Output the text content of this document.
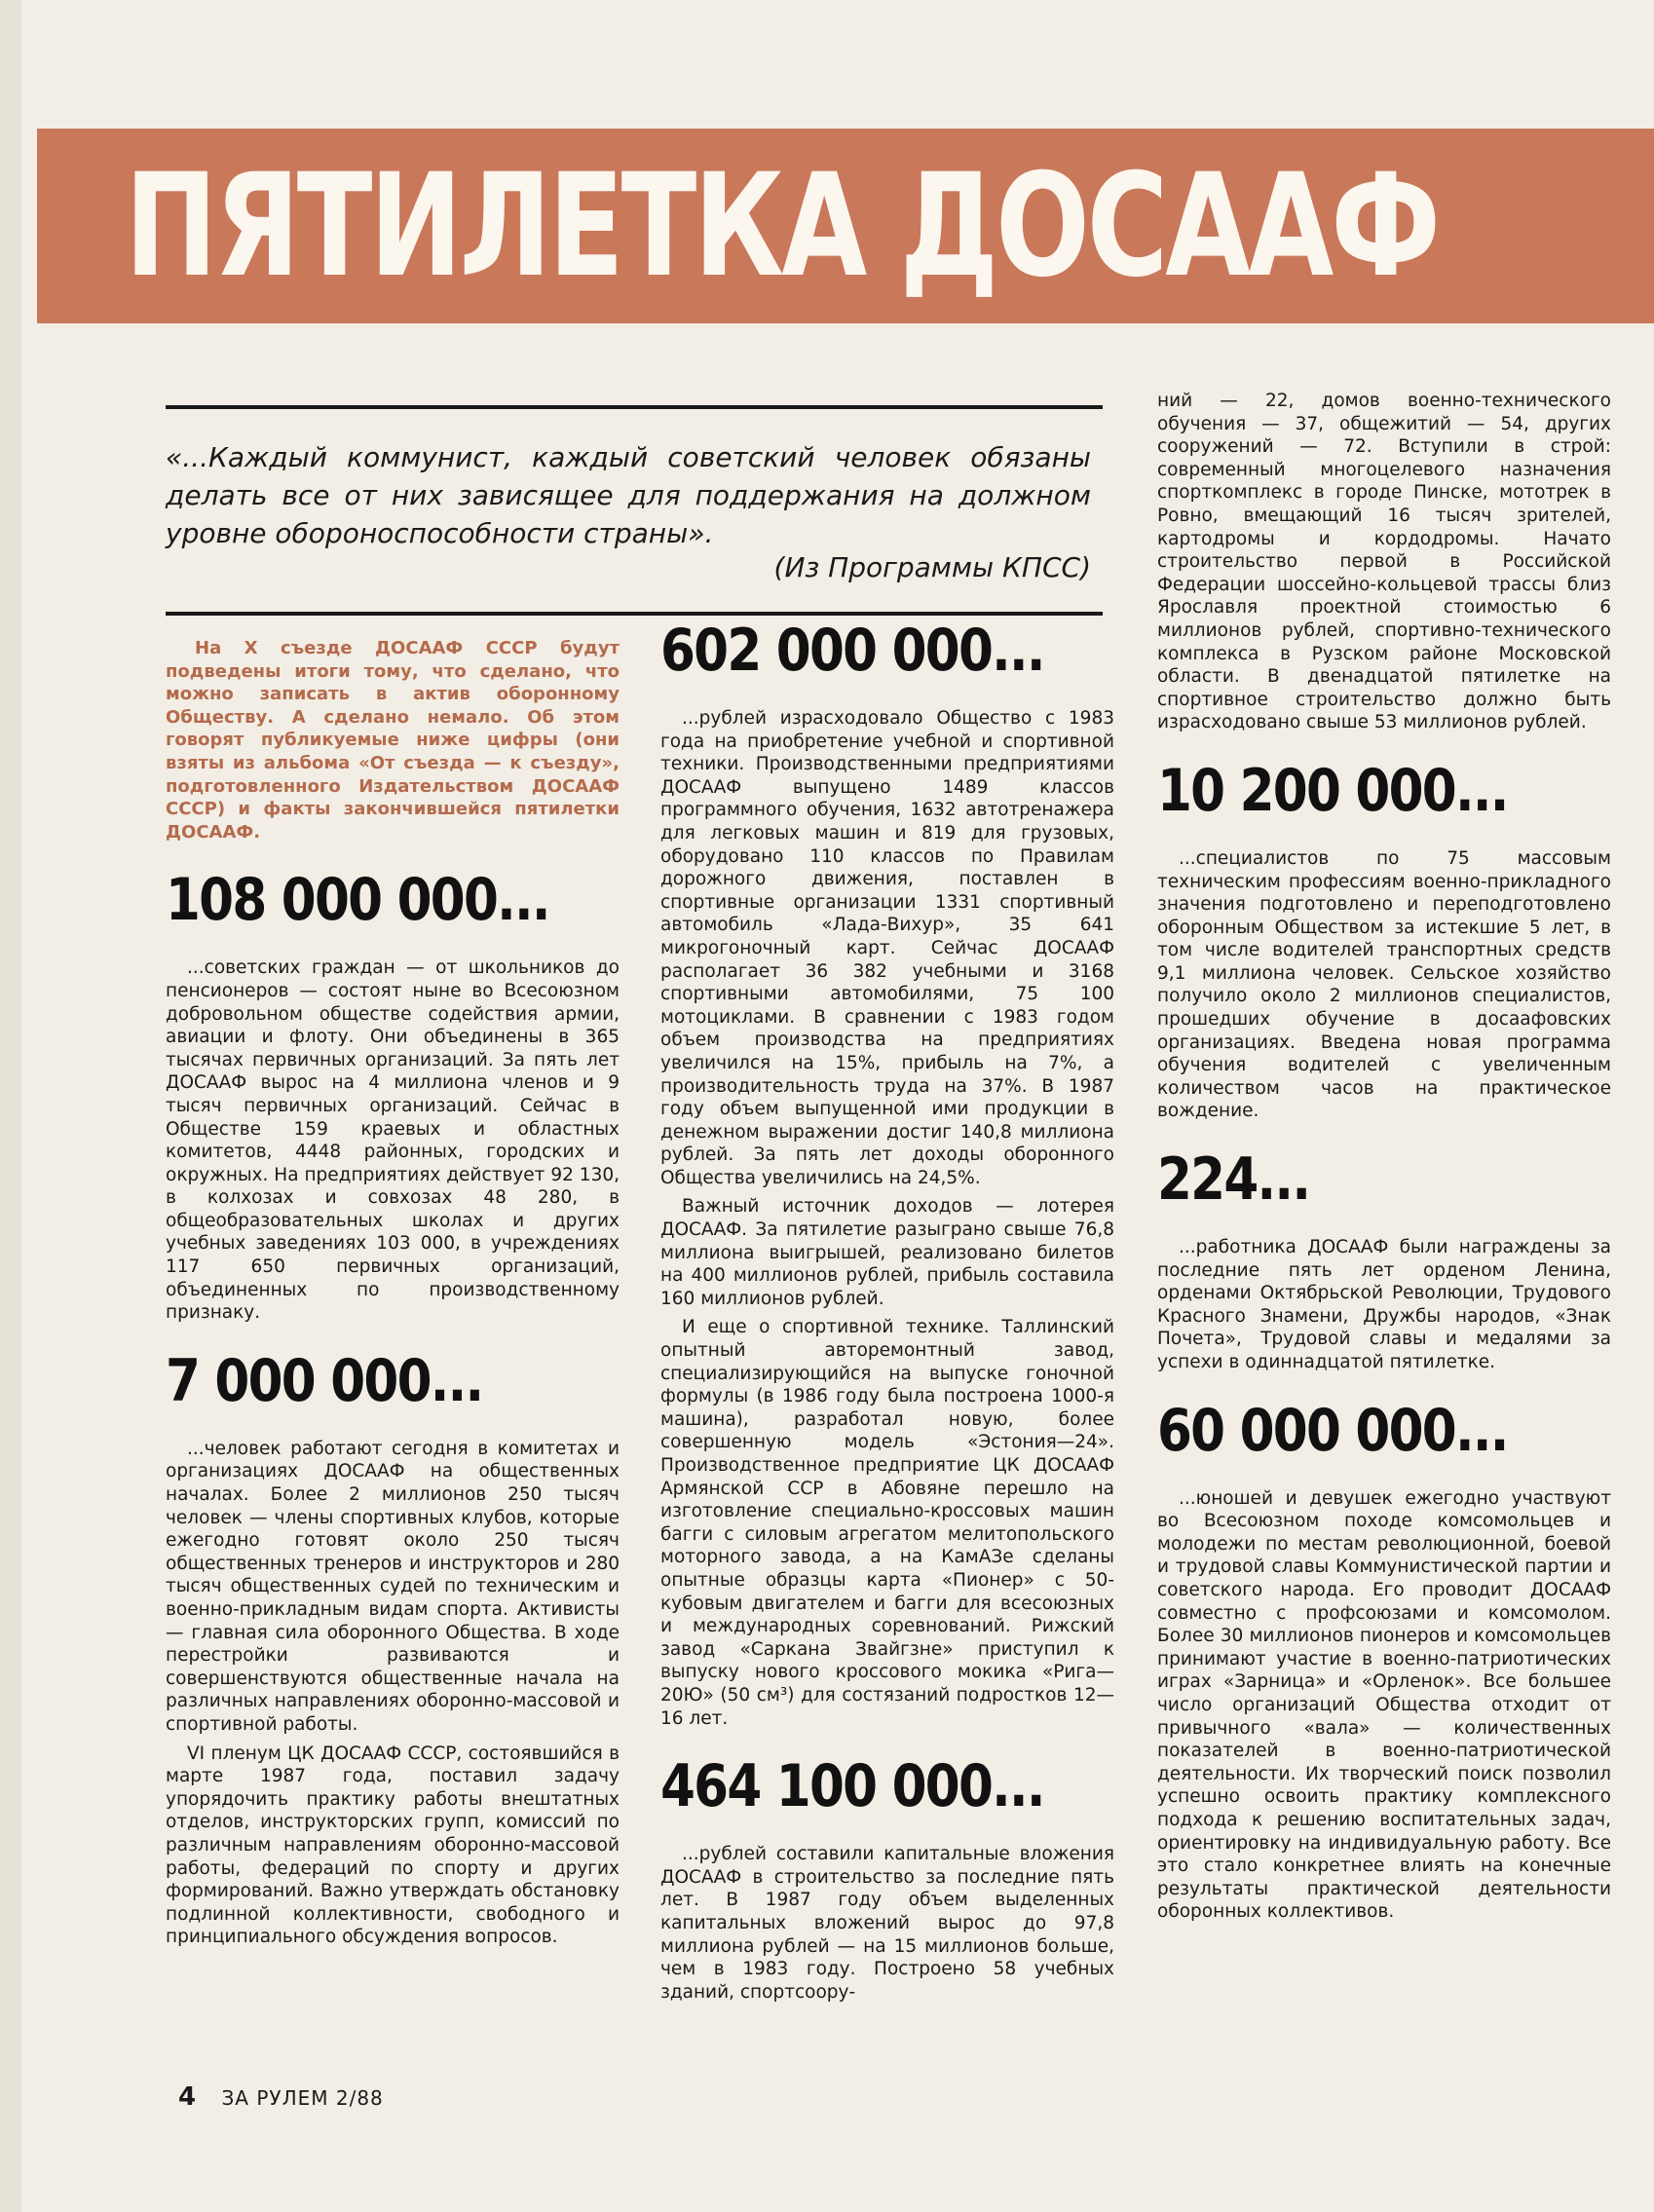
ПЯТИЛЕТКА ДОСААФ
«...Каждый коммунист, каждый советский человек обязаны делать все от них зависящее для поддержания на должном уровне обороноспособности страны».
(Из Программы КПСС)

На X съезде ДОСААФ СССР будут подведены итоги тому, что сделано, что можно записать в актив оборонному Обществу. А сделано немало. Об этом говорят публикуемые ниже цифры (они взяты из альбома «От съезда — к съезду», подготовленного Издательством ДОСААФ СССР) и факты закончившейся пятилетки ДОСААФ.

108 000 000...

...советских граждан — от школьников до пенсионеров — состоят ныне во Всесоюзном добровольном обществе содействия армии, авиации и флоту. Они объединены в 365 тысячах первичных организаций. За пять лет ДОСААФ вырос на 4 миллиона членов и 9 тысяч первичных организаций. Сейчас в Обществе 159 краевых и областных комитетов, 4448 районных, городских и окружных. На предприятиях действует 92 130, в колхозах и совхозах 48 280, в общеобразовательных школах и других учебных заведениях 103 000, в учреждениях 117 650 первичных организаций, объединенных по производственному признаку.

7 000 000...

...человек работают сегодня в комитетах и организациях ДОСААФ на общественных началах. Более 2 миллионов 250 тысяч человек — члены спортивных клубов, которые ежегодно готовят около 250 тысяч общественных тренеров и инструкторов и 280 тысяч общественных судей по техническим и военно-прикладным видам спорта. Активисты — главная сила оборонного Общества. В ходе перестройки развиваются и совершенствуются общественные начала на различных направлениях оборонно-массовой и спортивной работы.

VI пленум ЦК ДОСААФ СССР, состоявшийся в марте 1987 года, поставил задачу упорядочить практику работы внештатных отделов, инструкторских групп, комиссий по различным направлениям оборонно-массовой работы, федераций по спорту и других формирований. Важно утверждать обстановку подлинной коллективности, свободного и принципиального обсуждения вопросов.

602 000 000...

...рублей израсходовало Общество с 1983 года на приобретение учебной и спортивной техники. Производственными предприятиями ДОСААФ выпущено 1489 классов программного обучения, 1632 автотренажера для легковых машин и 819 для грузовых, оборудовано 110 классов по Правилам дорожного движения, поставлен в спортивные организации 1331 спортивный автомобиль «Лада-Вихур», 35 641 микрогоночный карт. Сейчас ДОСААФ располагает 36 382 учебными и 3168 спортивными автомобилями, 75 100 мотоциклами. В сравнении с 1983 годом объем производства на предприятиях увеличился на 15%, прибыль на 7%, а производительность труда на 37%. В 1987 году объем выпущенной ими продукции в денежном выражении достиг 140,8 миллиона рублей. За пять лет доходы оборонного Общества увеличились на 24,5%.

Важный источник доходов — лотерея ДОСААФ. За пятилетие разыграно свыше 76,8 миллиона выигрышей, реализовано билетов на 400 миллионов рублей, прибыль составила 160 миллионов рублей.

И еще о спортивной технике. Таллинский опытный авторемонтный завод, специализирующийся на выпуске гоночной формулы (в 1986 году была построена 1000-я машина), разработал новую, более совершенную модель «Эстония—24». Производственное предприятие ЦК ДОСААФ Армянской ССР в Абовяне перешло на изготовление специально-кроссовых машин багги с силовым агрегатом мелитопольского моторного завода, а на КамАЗе сделаны опытные образцы карта «Пионер» с 50-кубовым двигателем и багги для всесоюзных и международных соревнований. Рижский завод «Саркана Звайгзне» приступил к выпуску нового кроссового мокика «Рига—20Ю» (50 см³) для состязаний подростков 12—16 лет.

464 100 000...

...рублей составили капитальные вложения ДОСААФ в строительство за последние пять лет. В 1987 году объем выделенных капитальных вложений вырос до 97,8 миллиона рублей — на 15 миллионов больше, чем в 1983 году. Построено 58 учебных зданий, спортсоору-

ний — 22, домов военно-технического обучения — 37, общежитий — 54, других сооружений — 72. Вступили в строй: современный многоцелевого назначения спорткомплекс в городе Пинске, мототрек в Ровно, вмещающий 16 тысяч зрителей, картодромы и кордодромы. Начато строительство первой в Российской Федерации шоссейно-кольцевой трассы близ Ярославля проектной стоимостью 6 миллионов рублей, спортивно-технического комплекса в Рузском районе Московской области. В двенадцатой пятилетке на спортивное строительство должно быть израсходовано свыше 53 миллионов рублей.

10 200 000...

...специалистов по 75 массовым техническим профессиям военно-прикладного значения подготовлено и переподготовлено оборонным Обществом за истекшие 5 лет, в том числе водителей транспортных средств 9,1 миллиона человек. Сельское хозяйство получило около 2 миллионов специалистов, прошедших обучение в досаафовских организациях. Введена новая программа обучения водителей с увеличенным количеством часов на практическое вождение.

224...

...работника ДОСААФ были награждены за последние пять лет орденом Ленина, орденами Октябрьской Революции, Трудового Красного Знамени, Дружбы народов, «Знак Почета», Трудовой славы и медалями за успехи в одиннадцатой пятилетке.

60 000 000...

...юношей и девушек ежегодно участвуют во Всесоюзном походе комсомольцев и молодежи по местам революционной, боевой и трудовой славы Коммунистической партии и советского народа. Его проводит ДОСААФ совместно с профсоюзами и комсомолом. Более 30 миллионов пионеров и комсомольцев принимают участие в военно-патриотических играх «Зарница» и «Орленок». Все большее число организаций Общества отходит от привычного «вала» — количественных показателей в военно-патриотической деятельности. Их творческий поиск позволил успешно освоить практику комплексного подхода к решению воспитательных задач, ориентировку на индивидуальную работу. Все это стало конкретнее влиять на конечные результаты практической деятельности оборонных коллективов.

4 ЗА РУЛЕМ 2/88
